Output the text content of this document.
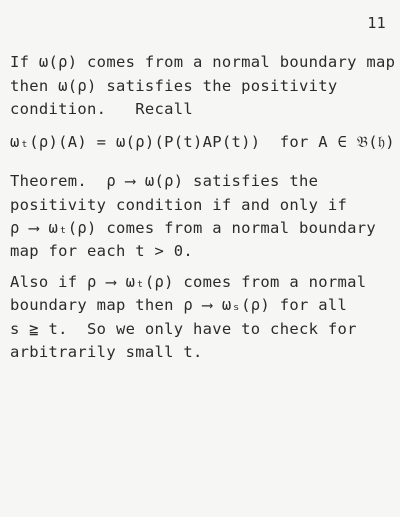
11
If ω(ρ) comes from a normal boundary map
then ω(ρ) satisfies the positivity
condition.   Recall
ωₜ(ρ)(A) = ω(ρ)(P(t)AP(t))  for A ∈ 𝔅(𝔥)
Theorem.  ρ ⟶ ω(ρ) satisfies the
positivity condition if and only if
ρ ⟶ ωₜ(ρ) comes from a normal boundary
map for each t > 0.
Also if ρ ⟶ ωₜ(ρ) comes from a normal
boundary map then ρ ⟶ ωₛ(ρ) for all
s ≧ t.  So we only have to check for
arbitrarily small t.
